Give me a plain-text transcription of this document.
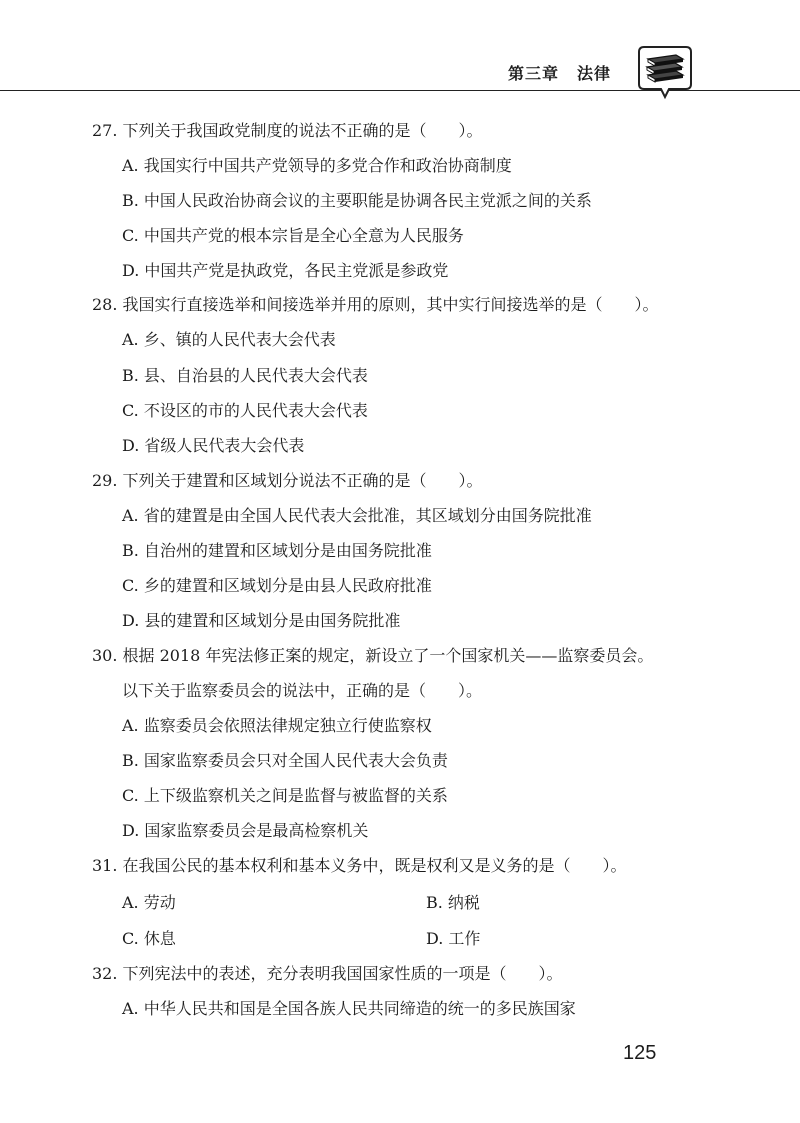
第三章 法律
27. 下列关于我国政党制度的说法不正确的是（　　）。
A. 我国实行中国共产党领导的多党合作和政治协商制度
B. 中国人民政治协商会议的主要职能是协调各民主党派之间的关系
C. 中国共产党的根本宗旨是全心全意为人民服务
D. 中国共产党是执政党，各民主党派是参政党
28. 我国实行直接选举和间接选举并用的原则，其中实行间接选举的是（　　）。
A. 乡、镇的人民代表大会代表
B. 县、自治县的人民代表大会代表
C. 不设区的市的人民代表大会代表
D. 省级人民代表大会代表
29. 下列关于建置和区域划分说法不正确的是（　　）。
A. 省的建置是由全国人民代表大会批准，其区域划分由国务院批准
B. 自治州的建置和区域划分是由国务院批准
C. 乡的建置和区域划分是由县人民政府批准
D. 县的建置和区域划分是由国务院批准
30. 根据 2018 年宪法修正案的规定，新设立了一个国家机关——监察委员会。
以下关于监察委员会的说法中，正确的是（　　）。
A. 监察委员会依照法律规定独立行使监察权
B. 国家监察委员会只对全国人民代表大会负责
C. 上下级监察机关之间是监督与被监督的关系
D. 国家监察委员会是最高检察机关
31. 在我国公民的基本权利和基本义务中，既是权利又是义务的是（　　）。
A. 劳动	B. 纳税
C. 休息	D. 工作
32. 下列宪法中的表述，充分表明我国国家性质的一项是（　　）。
A. 中华人民共和国是全国各族人民共同缔造的统一的多民族国家
125
